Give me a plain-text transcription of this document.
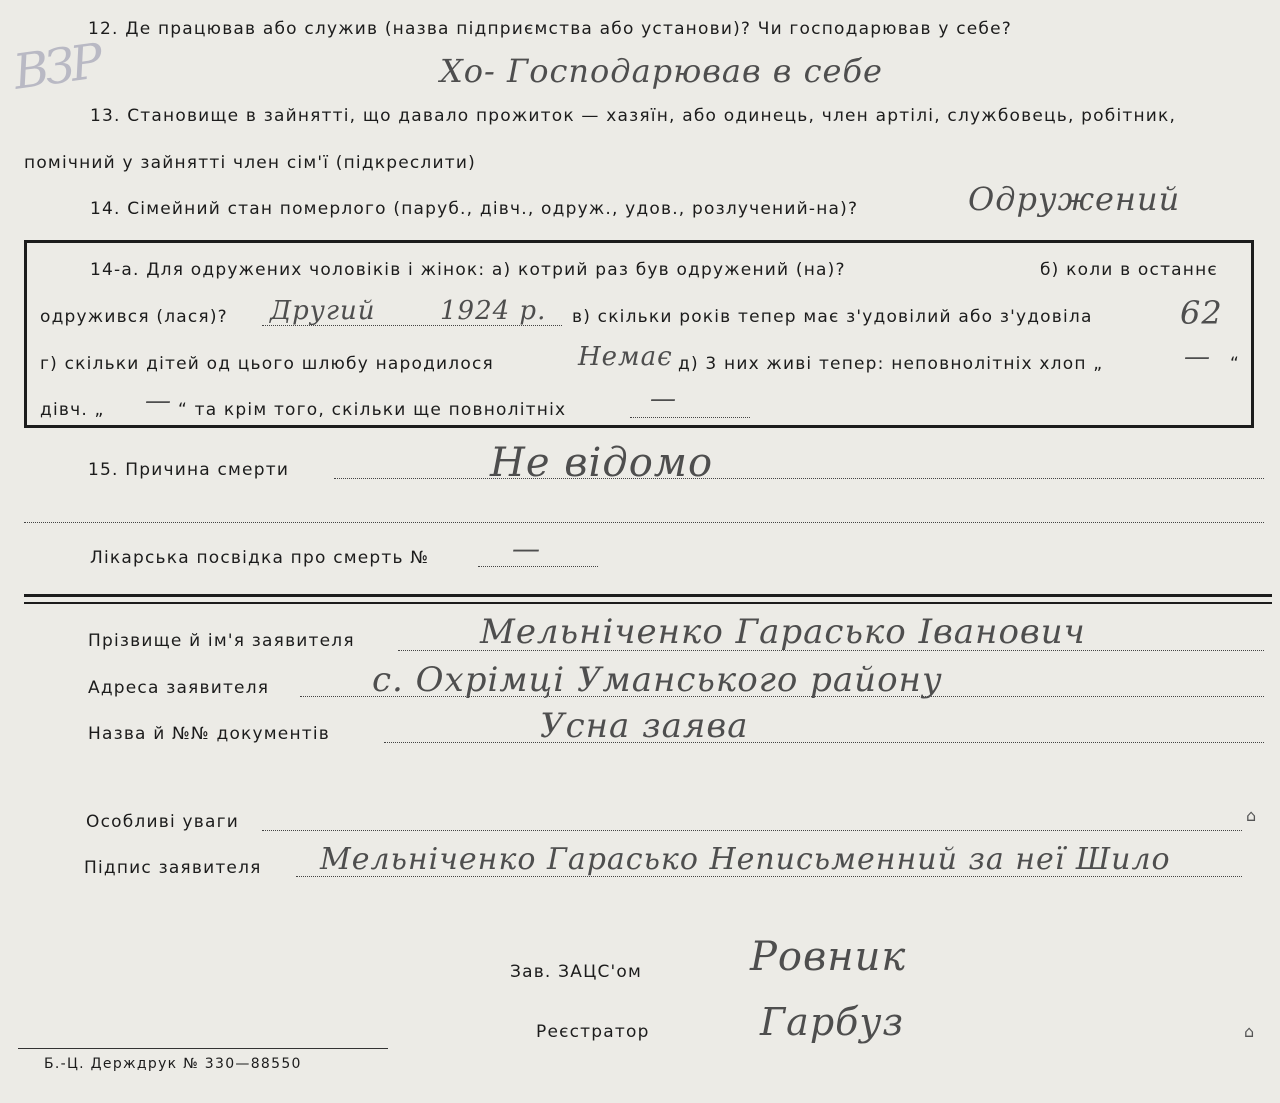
ВЗР
12. Де працював або служив (назва підприємства або установи)? Чи господарював у себе?
Хо- Господарював в себе
13. Становище в зайнятті, що давало прожиток — хазяїн, або одинець, член артілі, службовець, робітник,
помічний у зайнятті член сім'ї (підкреслити)
14. Сімейний стан померлого (паруб., дівч., одруж., удов., розлучений-на)?	Одружений
14-а. Для одружених чоловіків і жінок: а) котрий раз був одружений (на)?	б) коли в останнє
одружився (лася)? Другий 1924 р. в) скільки років тепер має з'удовілий або з'удовіла	62
г) скільки дітей од цього шлюбу народилося	Немає д) 3 них живі тепер: неповнолітніх хлоп „	— “
дівч. „ — “ та крім того, скільки ще повнолітніх	—
15. Причина смерти	Не відомо
Лікарська посвідка про смерть №	—
Прізвище й ім'я заявителя	Мельніченко Гарасько Іванович
Адреса заявителя	с. Охрімці Уманського району
Назва й №№ документів	Усна заява
Особливі уваги	⌂
Підпис заявителя Мельніченко Гарасько Неписьменний за неї Шило
Зав. ЗАЦС'ом	Ровник
Реєстратор	Гарбуз	⌂
Б.-Ц. Держдрук № 330—88550
